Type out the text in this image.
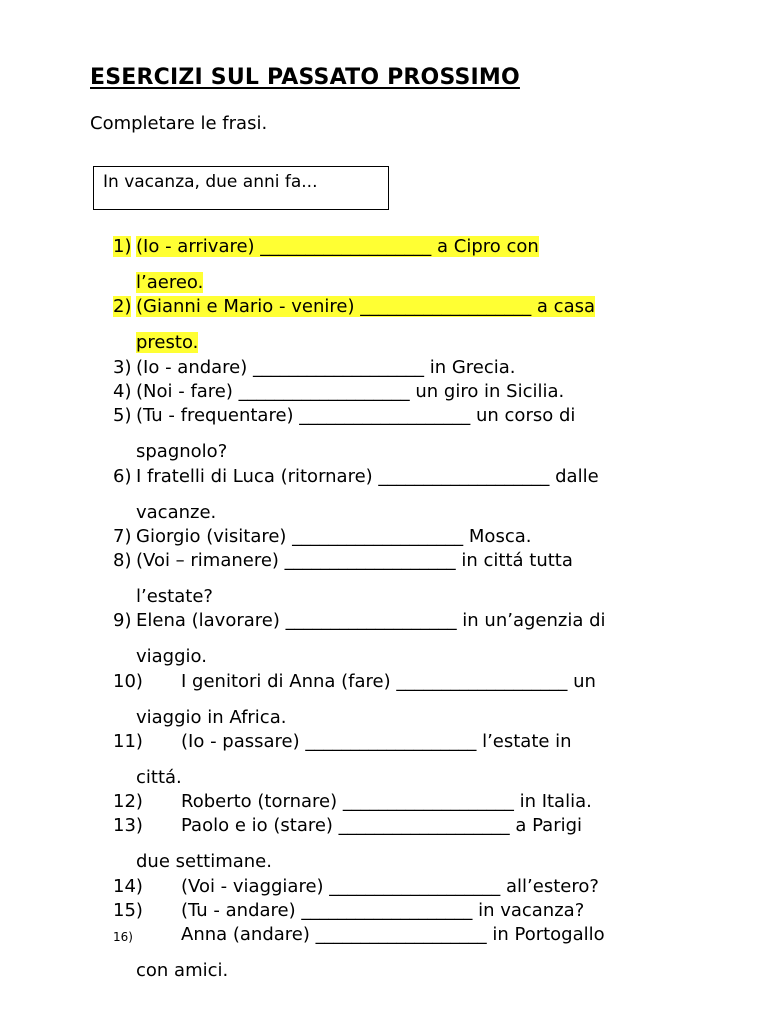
ESERCIZI SUL PASSATO PROSSIMO
Completare le frasi.
In vacanza, due anni fa...
1) (Io - arrivare) ___________________ a Cipro con
l’aereo.
2) (Gianni e Mario - venire) ___________________ a casa
presto.
3) (Io - andare) ___________________ in Grecia.
4) (Noi - fare) ___________________ un giro in Sicilia.
5) (Tu - frequentare) ___________________ un corso di
spagnolo?
6) I fratelli di Luca (ritornare) ___________________ dalle
vacanze.
7) Giorgio (visitare) ___________________ Mosca.
8) (Voi – rimanere) ___________________ in cittá tutta
l’estate?
9) Elena (lavorare) ___________________ in un’agenzia di
viaggio.
10) I genitori di Anna (fare) ___________________ un
viaggio in Africa.
11) (Io - passare) ___________________ l’estate in
cittá.
12) Roberto (tornare) ___________________ in Italia.
13) Paolo e io (stare) ___________________ a Parigi
due settimane.
14) (Voi - viaggiare) ___________________ all’estero?
15) (Tu - andare) ___________________ in vacanza?
16)	Anna (andare) ___________________ in Portogallo
con amici.
